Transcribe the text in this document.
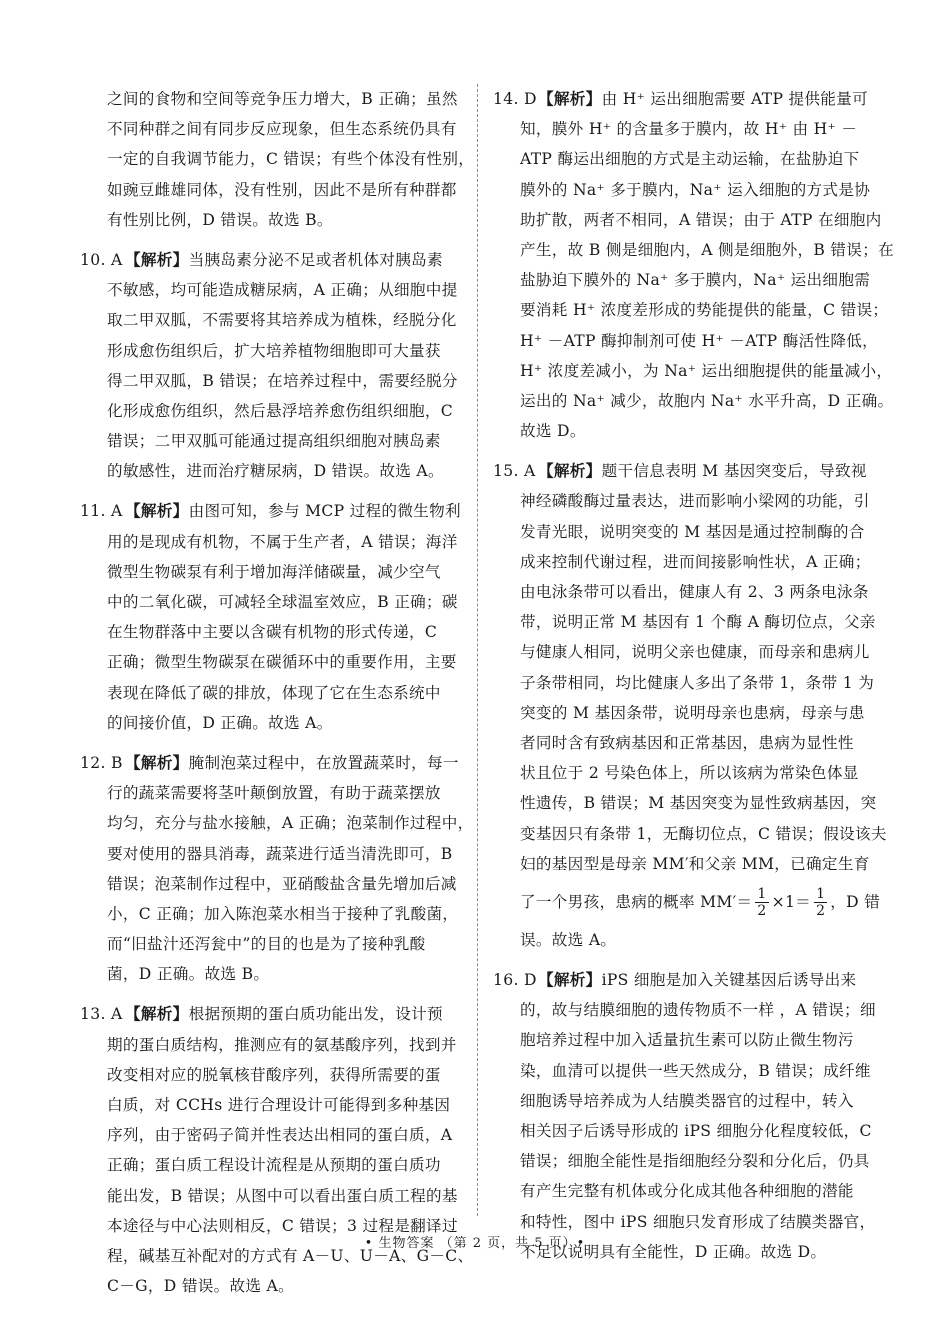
之间的食物和空间等竞争压力增大，B 正确；虽然
不同种群之间有同步反应现象，但生态系统仍具有
一定的自我调节能力，C 错误；有些个体没有性别，
如豌豆雌雄同体，没有性别，因此不是所有种群都
有性别比例，D 错误。故选 B。
10. A 【解析】当胰岛素分泌不足或者机体对胰岛素
不敏感，均可能造成糖尿病，A 正确；从细胞中提
取二甲双胍，不需要将其培养成为植株，经脱分化
形成愈伤组织后，扩大培养植物细胞即可大量获
得二甲双胍，B 错误；在培养过程中，需要经脱分
化形成愈伤组织，然后悬浮培养愈伤组织细胞，C
错误；二甲双胍可能通过提高组织细胞对胰岛素
的敏感性，进而治疗糖尿病，D 错误。故选 A。
11. A 【解析】由图可知，参与 MCP 过程的微生物利
用的是现成有机物，不属于生产者，A 错误；海洋
微型生物碳泵有利于增加海洋储碳量，减少空气
中的二氧化碳，可减轻全球温室效应，B 正确；碳
在生物群落中主要以含碳有机物的形式传递，C
正确；微型生物碳泵在碳循环中的重要作用，主要
表现在降低了碳的排放，体现了它在生态系统中
的间接价值，D 正确。故选 A。
12. B 【解析】腌制泡菜过程中，在放置蔬菜时，每一
行的蔬菜需要将茎叶颠倒放置，有助于蔬菜摆放
均匀，充分与盐水接触，A 正确；泡菜制作过程中，
要对使用的器具消毒，蔬菜进行适当清洗即可，B
错误；泡菜制作过程中，亚硝酸盐含量先增加后减
小，C 正确；加入陈泡菜水相当于接种了乳酸菌，
而“旧盐汁还泻瓮中”的目的也是为了接种乳酸
菌，D 正确。故选 B。
13. A 【解析】根据预期的蛋白质功能出发，设计预
期的蛋白质结构，推测应有的氨基酸序列，找到并
改变相对应的脱氧核苷酸序列，获得所需要的蛋
白质，对 CCHs 进行合理设计可能得到多种基因
序列，由于密码子简并性表达出相同的蛋白质，A
正确；蛋白质工程设计流程是从预期的蛋白质功
能出发，B 错误；从图中可以看出蛋白质工程的基
本途径与中心法则相反，C 错误；3 过程是翻译过
程，碱基互补配对的方式有 A－U、U－A、G－C、
C－G，D 错误。故选 A。
14. D【解析】由 H⁺ 运出细胞需要 ATP 提供能量可
知，膜外 H⁺ 的含量多于膜内，故 H⁺ 由 H⁺ －
ATP 酶运出细胞的方式是主动运输，在盐胁迫下
膜外的 Na⁺ 多于膜内，Na⁺ 运入细胞的方式是协
助扩散，两者不相同，A 错误；由于 ATP 在细胞内
产生，故 B 侧是细胞内，A 侧是细胞外，B 错误；在
盐胁迫下膜外的 Na⁺ 多于膜内，Na⁺ 运出细胞需
要消耗 H⁺ 浓度差形成的势能提供的能量，C 错误；
H⁺ －ATP 酶抑制剂可使 H⁺ －ATP 酶活性降低，
H⁺ 浓度差减小，为 Na⁺ 运出细胞提供的能量减小，
运出的 Na⁺ 减少，故胞内 Na⁺ 水平升高，D 正确。
故选 D。
15. A 【解析】题干信息表明 M 基因突变后，导致视
神经磷酸酶过量表达，进而影响小梁网的功能，引
发青光眼，说明突变的 M 基因是通过控制酶的合
成来控制代谢过程，进而间接影响性状，A 正确；
由电泳条带可以看出，健康人有 2、3 两条电泳条
带，说明正常 M 基因有 1 个酶 A 酶切位点，父亲
与健康人相同，说明父亲也健康，而母亲和患病儿
子条带相同，均比健康人多出了条带 1，条带 1 为
突变的 M 基因条带，说明母亲也患病，母亲与患
者同时含有致病基因和正常基因，患病为显性性
状且位于 2 号染色体上，所以该病为常染色体显
性遗传，B 错误；M 基因突变为显性致病基因，突
变基因只有条带 1，无酶切位点，C 错误；假设该夫
妇的基因型是母亲 MM′和父亲 MM，已确定生育
了一个男孩，患病的概率 $MM'= \frac{1}{2} \times 1= \frac{1}{2}$ ，D 错
误。故选 A。
16. D【解析】iPS 细胞是加入关键基因后诱导出来
的，故与结膜细胞的遗传物质不一样 ，A 错误；细
胞培养过程中加入适量抗生素可以防止微生物污
染，血清可以提供一些天然成分，B 错误；成纤维
细胞诱导培养成为人结膜类器官的过程中，转入
相关因子后诱导形成的 iPS 细胞分化程度较低，C
错误；细胞全能性是指细胞经分裂和分化后，仍具
有产生完整有机体或分化成其他各种细胞的潜能
和特性，图中 iPS 细胞只发育形成了结膜类器官，
不足以说明具有全能性，D 正确。故选 D。
• 生物答案 （第 2 页，共 5 页）•
